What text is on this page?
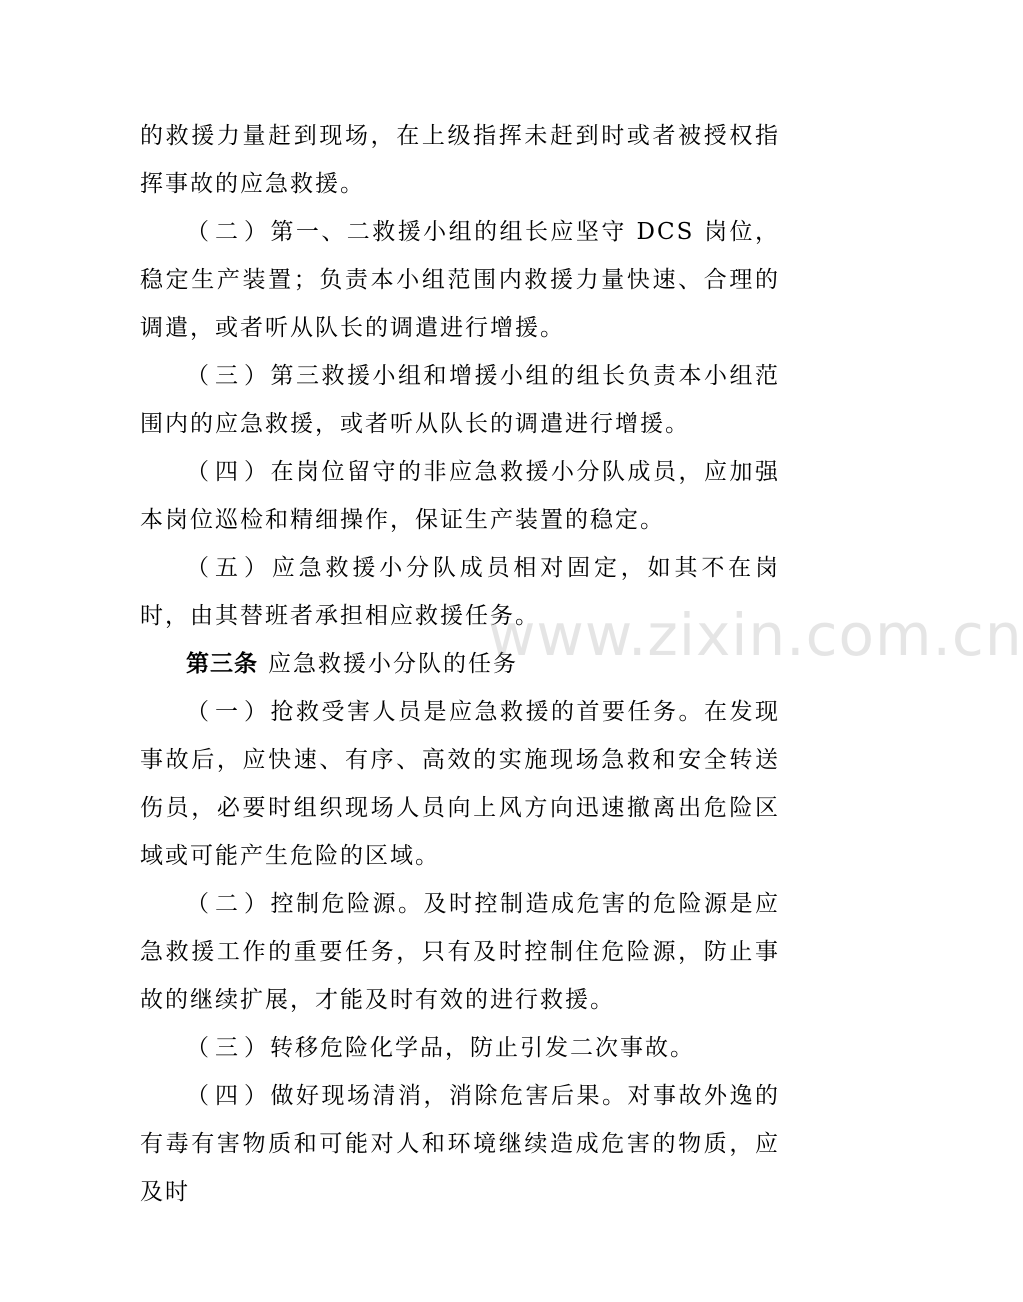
的救援力量赶到现场，在上级指挥未赶到时或者被授权指挥事故的应急救援。

（二）第一、二救援小组的组长应坚守 DCS 岗位，稳定生产装置；负责本小组范围内救援力量快速、合理的调遣，或者听从队长的调遣进行增援。

（三）第三救援小组和增援小组的组长负责本小组范围内的应急救援，或者听从队长的调遣进行增援。

（四）在岗位留守的非应急救援小分队成员，应加强本岗位巡检和精细操作，保证生产装置的稳定。

（五）应急救援小分队成员相对固定，如其不在岗时，由其替班者承担相应救援任务。

第三条 应急救援小分队的任务

（一）抢救受害人员是应急救援的首要任务。在发现事故后，应快速、有序、高效的实施现场急救和安全转送伤员，必要时组织现场人员向上风方向迅速撤离出危险区域或可能产生危险的区域。

（二）控制危险源。及时控制造成危害的危险源是应急救援工作的重要任务，只有及时控制住危险源，防止事故的继续扩展，才能及时有效的进行救援。

（三）转移危险化学品，防止引发二次事故。

（四）做好现场清消，消除危害后果。对事故外逸的有毒有害物质和可能对人和环境继续造成危害的物质，应及时

www.zixin.com.cn
